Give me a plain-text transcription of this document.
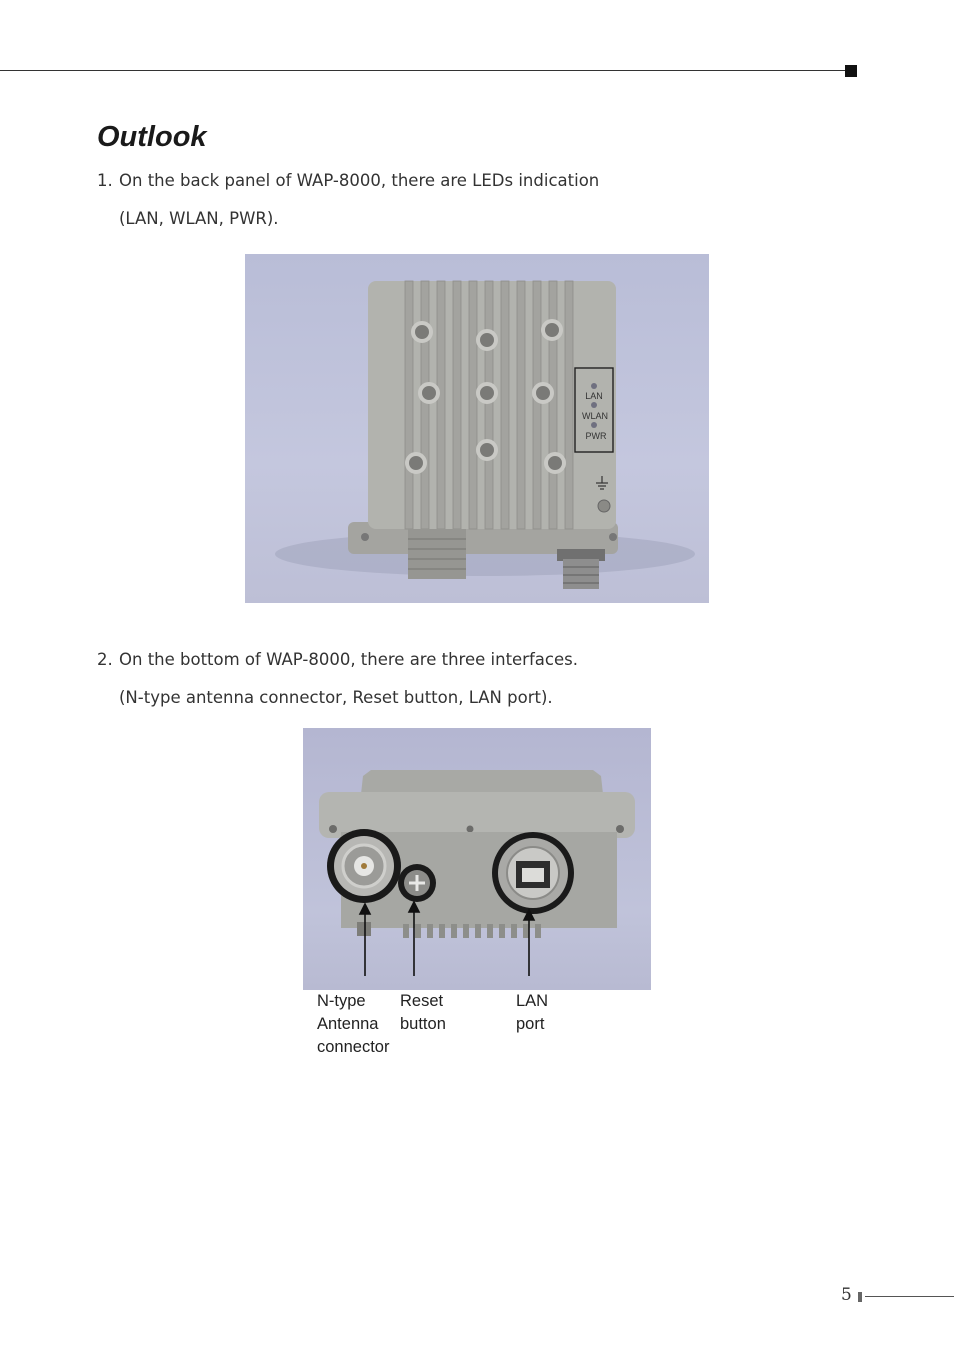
Outlook
1. On the back panel of WAP-8000, there are LEDs indication
(LAN, WLAN, PWR).
LAN
WLAN
PWR
2. On the bottom of WAP-8000, there are three interfaces.
(N-type antenna connector, Reset button, LAN port).
N-type
Antenna
connector
Reset
button
LAN
port
5
